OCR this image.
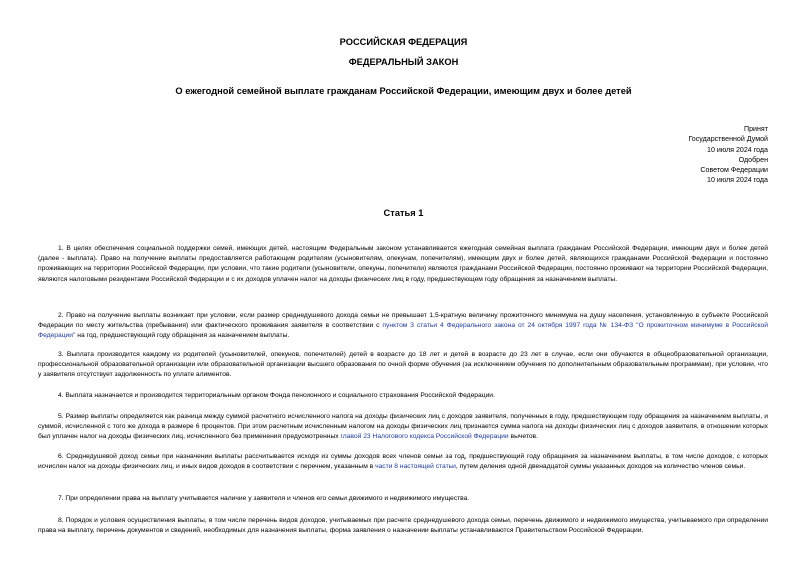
РОССИЙСКАЯ ФЕДЕРАЦИЯ
ФЕДЕРАЛЬНЫЙ ЗАКОН
О ежегодной семейной выплате гражданам Российской Федерации, имеющим двух и более детей
Принят
Государственной Думой
10 июля 2024 года
Одобрен
Советом Федерации
10 июля 2024 года
Статья 1

1. В целях обеспечения социальной поддержки семей, имеющих детей, настоящим Федеральным законом устанавливается ежегодная семейная выплата гражданам Российской Федерации, имеющим двух и более детей (далее - выплата). Право на получение выплаты предоставляется работающим родителям (усыновителям, опекунам, попечителям), имеющим двух и более детей, являющихся гражданами Российской Федерации и постоянно проживающих на территории Российской Федерации, при условии, что такие родители (усыновители, опекуны, попечители) являются гражданами Российской Федерации, постоянно проживают на территории Российской Федерации, являются налоговыми резидентами Российской Федерации и с их доходов уплачен налог на доходы физических лиц в году, предшествующем году обращения за назначением выплаты.

2. Право на получение выплаты возникает при условии, если размер среднедушевого дохода семьи не превышает 1,5-кратную величину прожиточного минимума на душу населения, установленную в субъекте Российской Федерации по месту жительства (пребывания) или фактического проживания заявителя в соответствии с пунктом 3 статьи 4 Федерального закона от 24 октября 1997 года № 134-ФЗ "О прожиточном минимуме в Российской Федерации" на год, предшествующий году обращения за назначением выплаты.

3. Выплата производится каждому из родителей (усыновителей, опекунов, попечителей) детей в возрасте до 18 лет и детей в возрасте до 23 лет в случае, если они обучаются в общеобразовательной организации, профессиональной образовательной организации или образовательной организации высшего образования по очной форме обучения (за исключением обучения по дополнительным образовательным программам), при условии, что у заявителя отсутствует задолженность по уплате алиментов.

4. Выплата назначается и производится территориальным органом Фонда пенсионного и социального страхования Российской Федерации.

5. Размер выплаты определяется как разница между суммой расчетного исчисленного налога на доходы физических лиц с доходов заявителя, полученных в году, предшествующем году обращения за назначением выплаты, и суммой, исчисленной с того же дохода в размере 6 процентов. При этом расчетным исчисленным налогом на доходы физических лиц признается сумма налога на доходы физических лиц с доходов заявителя, в отношении которых был уплачен налог на доходы физических лиц, исчисленного без применения предусмотренных главой 23 Налогового кодекса Российской Федерации вычетов.

6. Среднедушевой доход семьи при назначении выплаты рассчитывается исходя из суммы доходов всех членов семьи за год, предшествующий году обращения за назначением выплаты, в том числе доходов, с которых исчислен налог на доходы физических лиц, и иных видов доходов в соответствии с перечнем, указанным в части 8 настоящей статьи, путем деления одной двенадцатой суммы указанных доходов на количество членов семьи.

7. При определении права на выплату учитывается наличие у заявителя и членов его семьи движимого и недвижимого имущества.

8. Порядок и условия осуществления выплаты, в том числе перечень видов доходов, учитываемых при расчете среднедушевого дохода семьи, перечень движимого и недвижимого имущества, учитываемого при определении права на выплату, перечень документов и сведений, необходимых для назначения выплаты, форма заявления о назначении выплаты устанавливаются Правительством Российской Федерации.
